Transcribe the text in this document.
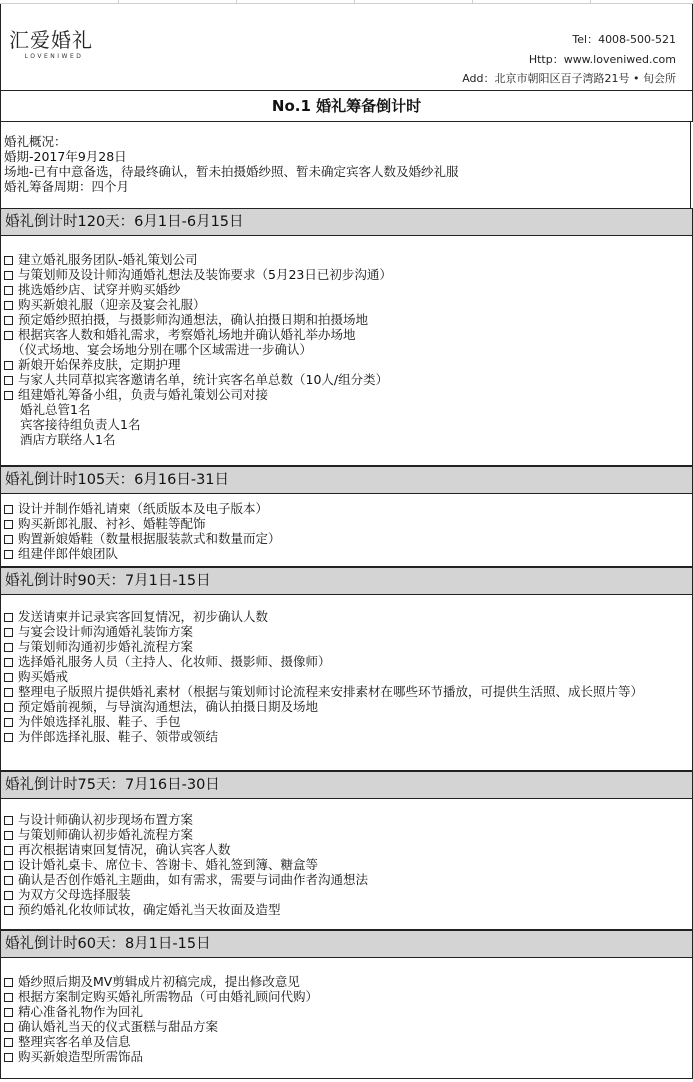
汇爱婚礼
LOVENIWED
Tel：4008-500-521
Http：www.loveniwed.com
Add：北京市朝阳区百子湾路21号 • 旬会所
No.1 婚礼筹备倒计时
婚礼概况：
婚期-2017年9月28日
场地-已有中意备选，待最终确认，暂未拍摄婚纱照、暂未确定宾客人数及婚纱礼服
婚礼筹备周期：四个月
婚礼倒计时120天：6月1日-6月15日
建立婚礼服务团队-婚礼策划公司
与策划师及设计师沟通婚礼想法及装饰要求（5月23日已初步沟通）
挑选婚纱店、试穿并购买婚纱
购买新娘礼服（迎亲及宴会礼服）
预定婚纱照拍摄，与摄影师沟通想法，确认拍摄日期和拍摄场地
根据宾客人数和婚礼需求，考察婚礼场地并确认婚礼举办场地
（仪式场地、宴会场地分别在哪个区域需进一步确认）
新娘开始保养皮肤，定期护理
与家人共同草拟宾客邀请名单，统计宾客名单总数（10人/组分类）
组建婚礼筹备小组，负责与婚礼策划公司对接
婚礼总管1名
宾客接待组负责人1名
酒店方联络人1名
婚礼倒计时105天：6月16日-31日
设计并制作婚礼请柬（纸质版本及电子版本）
购买新郎礼服、衬衫、婚鞋等配饰
购置新娘婚鞋（数量根据服装款式和数量而定）
组建伴郎伴娘团队
婚礼倒计时90天：7月1日-15日
发送请柬并记录宾客回复情况，初步确认人数
与宴会设计师沟通婚礼装饰方案
与策划师沟通初步婚礼流程方案
选择婚礼服务人员（主持人、化妆师、摄影师、摄像师）
购买婚戒
整理电子版照片提供婚礼素材（根据与策划师讨论流程来安排素材在哪些环节播放，可提供生活照、成长照片等）
预定婚前视频，与导演沟通想法，确认拍摄日期及场地
为伴娘选择礼服、鞋子、手包
为伴郎选择礼服、鞋子、领带或领结
婚礼倒计时75天：7月16日-30日
与设计师确认初步现场布置方案
与策划师确认初步婚礼流程方案
再次根据请柬回复情况，确认宾客人数
设计婚礼桌卡、席位卡、答谢卡、婚礼签到簿、糖盒等
确认是否创作婚礼主题曲，如有需求，需要与词曲作者沟通想法
为双方父母选择服装
预约婚礼化妆师试妆，确定婚礼当天妆面及造型
婚礼倒计时60天：8月1日-15日
婚纱照后期及MV剪辑成片初稿完成，提出修改意见
根据方案制定购买婚礼所需物品（可由婚礼顾问代购）
精心准备礼物作为回礼
确认婚礼当天的仪式蛋糕与甜品方案
整理宾客名单及信息
购买新娘造型所需饰品
